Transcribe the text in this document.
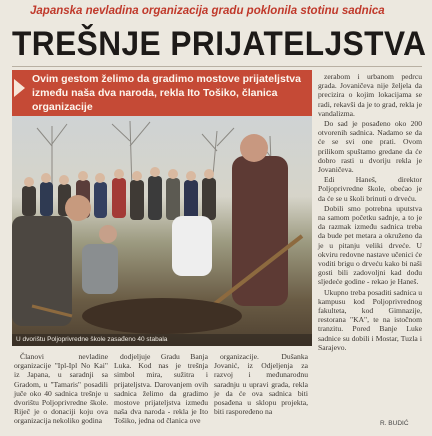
Japanska nevladina organizacija gradu poklonila stotinu sadnica
TREŠNJE PRIJATELJSTVA
Ovim gestom želimo da gradimo mostove prijateljstva između naša dva naroda, rekla Ito Tošiko, članica organizacije
U dvorištu Poljoprivredne škole zasađeno 40 stabala

zerabom i urbanom pedrcu grada. Jovaničeva nije željela da precizira o kojim lokacijama se radi, rekavši da je to grad, rekla je vandalizma.

Do sad je posađeno oko 200 otvorenih sadnica. Nadamo se da će se svi one prati. Ovom prilikom spuštamo gredane da će dobro rasti u dvoriju rekla je Jovaničeva.

Edi Haneš, direktor Poljoprivredne škole, obećao je da će se u školi brinuti o drveću.

Dobili smo potrebna uputstva na samom početku sadnje, a to je da razmak između sadnica treba da bude pet metara a okruženo da je u pitanju veliki drveće. U okviru redovne nastave učenici će voditi brigu o drveću kako bi naši gosti bili zadovoljni kad dođu sljedeće godine - rekao je Haneš.

Ukupno treba posaditi sadnica u kampusu kod Poljoprivrednog fakulteta, kod Gimnazije, restorana "KA", te na istočnom tranzitu. Pored Banje Luke sadnice su dobili i Mostar, Tuzla i Sarajevo.

Članovi nevladine organizacije "Ipl-Ipl No Kai" iz Japana, u saradnji sa Gradom, u "Tamaris" posadili juče oko 40 sadnica trešnje u dvorištu Poljoprivredne škole. Riječ je o donaciji koju ova organizacija nekoliko godina

dodjeljuje Gradu Banja Luka. Kod nas je trešnja simbol mira, sužitra i prijateljstva. Darovanjem ovih sadnica želimo da gradimo mostove prijateljstva između naša dva naroda - rekla je Ito Tošiko, jedna od članica ove

organizacije. Dušanka Jovanić, iz Odjeljenja za razvoj i međunarodnu saradnju u upravi grada, rekla je da će ova sadnica biti posađena u sklopu projekta, biti raspoređeno na

R. BUDIĆ
